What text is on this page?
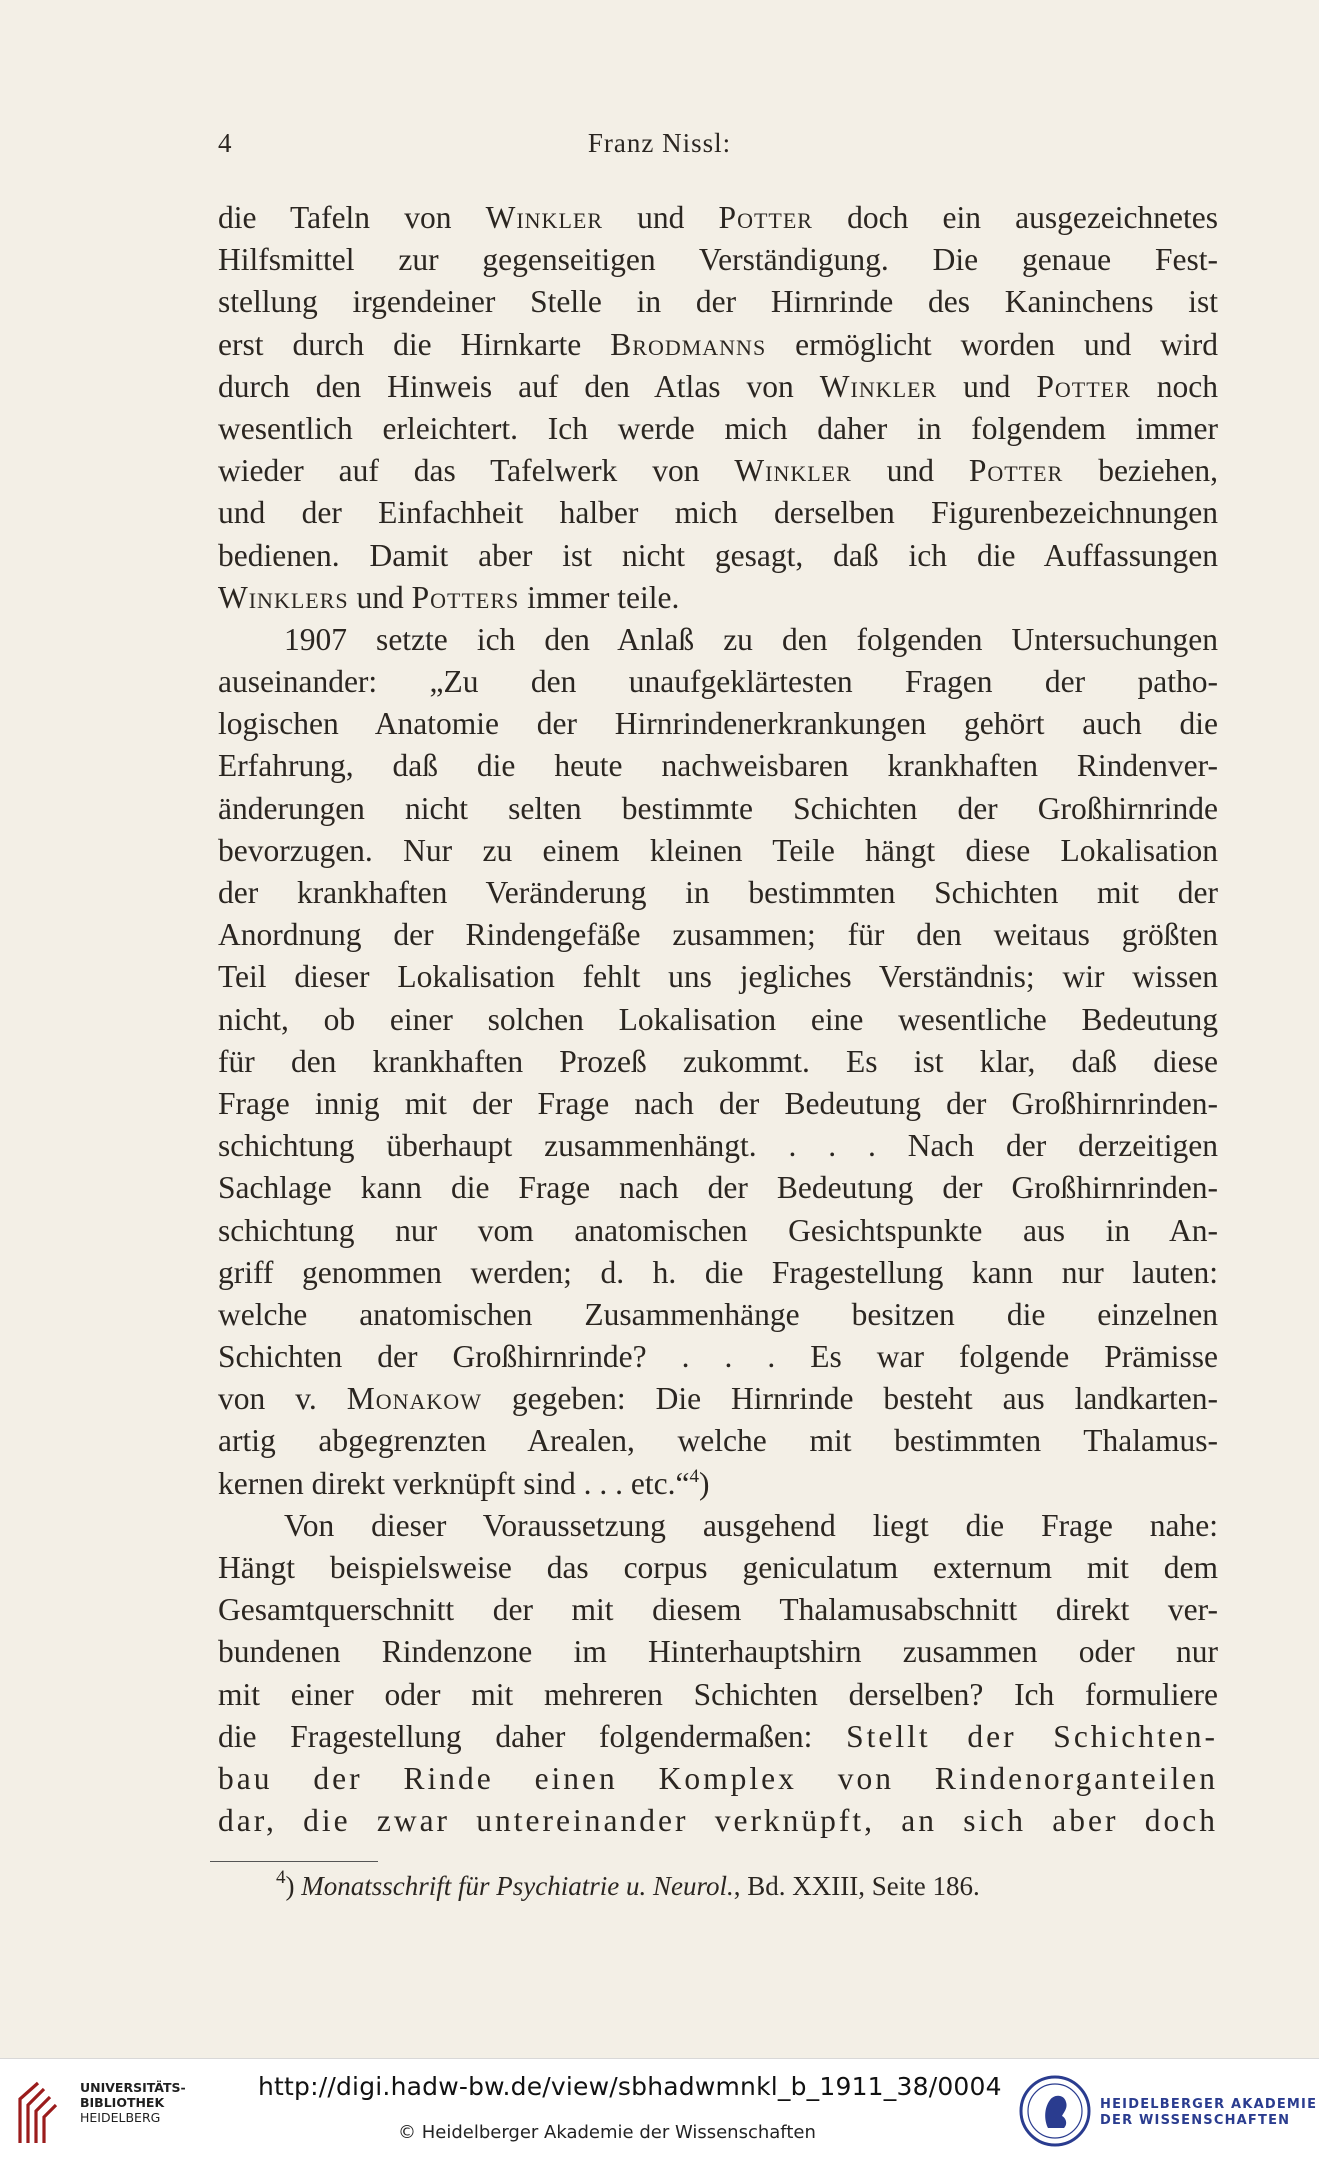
4	Franz Nissl:
die Tafeln von Winkler und Potter doch ein ausgezeichnetes
Hilfsmittel zur gegenseitigen Verständigung. Die genaue Fest-
stellung irgendeiner Stelle in der Hirnrinde des Kaninchens ist
erst durch die Hirnkarte Brodmanns ermöglicht worden und wird
durch den Hinweis auf den Atlas von Winkler und Potter noch
wesentlich erleichtert. Ich werde mich daher in folgendem immer
wieder auf das Tafelwerk von Winkler und Potter beziehen,
und der Einfachheit halber mich derselben Figurenbezeichnungen
bedienen. Damit aber ist nicht gesagt, daß ich die Auffassungen
Winklers und Potters immer teile.
1907 setzte ich den Anlaß zu den folgenden Untersuchungen
auseinander: „Zu den unaufgeklärtesten Fragen der patho-
logischen Anatomie der Hirnrindenerkrankungen gehört auch die
Erfahrung, daß die heute nachweisbaren krankhaften Rindenver-
änderungen nicht selten bestimmte Schichten der Großhirnrinde
bevorzugen. Nur zu einem kleinen Teile hängt diese Lokalisation
der krankhaften Veränderung in bestimmten Schichten mit der
Anordnung der Rindengefäße zusammen; für den weitaus größten
Teil dieser Lokalisation fehlt uns jegliches Verständnis; wir wissen
nicht, ob einer solchen Lokalisation eine wesentliche Bedeutung
für den krankhaften Prozeß zukommt. Es ist klar, daß diese
Frage innig mit der Frage nach der Bedeutung der Großhirnrinden-
schichtung überhaupt zusammenhängt. . . . Nach der derzeitigen
Sachlage kann die Frage nach der Bedeutung der Großhirnrinden-
schichtung nur vom anatomischen Gesichtspunkte aus in An-
griff genommen werden; d. h. die Fragestellung kann nur lauten:
welche anatomischen Zusammenhänge besitzen die einzelnen
Schichten der Großhirnrinde? . . . Es war folgende Prämisse
von v. Monakow gegeben: Die Hirnrinde besteht aus landkarten-
artig abgegrenzten Arealen, welche mit bestimmten Thalamus-
kernen direkt verknüpft sind . . . etc.“$^4$)
Von dieser Voraussetzung ausgehend liegt die Frage nahe:
Hängt beispielsweise das corpus geniculatum externum mit dem
Gesamtquerschnitt der mit diesem Thalamusabschnitt direkt ver-
bundenen Rindenzone im Hinterhauptshirn zusammen oder nur
mit einer oder mit mehreren Schichten derselben? Ich formuliere
die Fragestellung daher folgendermaßen: Stellt der Schichten-
bau der Rinde einen Komplex von Rindenorganteilen
dar, die zwar untereinander verknüpft, an sich aber doch
$^4$) Monatsschrift für Psychiatrie u. Neurol., Bd. XXIII, Seite 186.
UNIVERSITÄTS-
BIBLIOTHEK
HEIDELBERG
http://digi.hadw-bw.de/view/sbhadwmnkl_b_1911_38/0004
© Heidelberger Akademie der Wissenschaften
HEIDELBERGER AKADEMIE
DER WISSENSCHAFTEN
